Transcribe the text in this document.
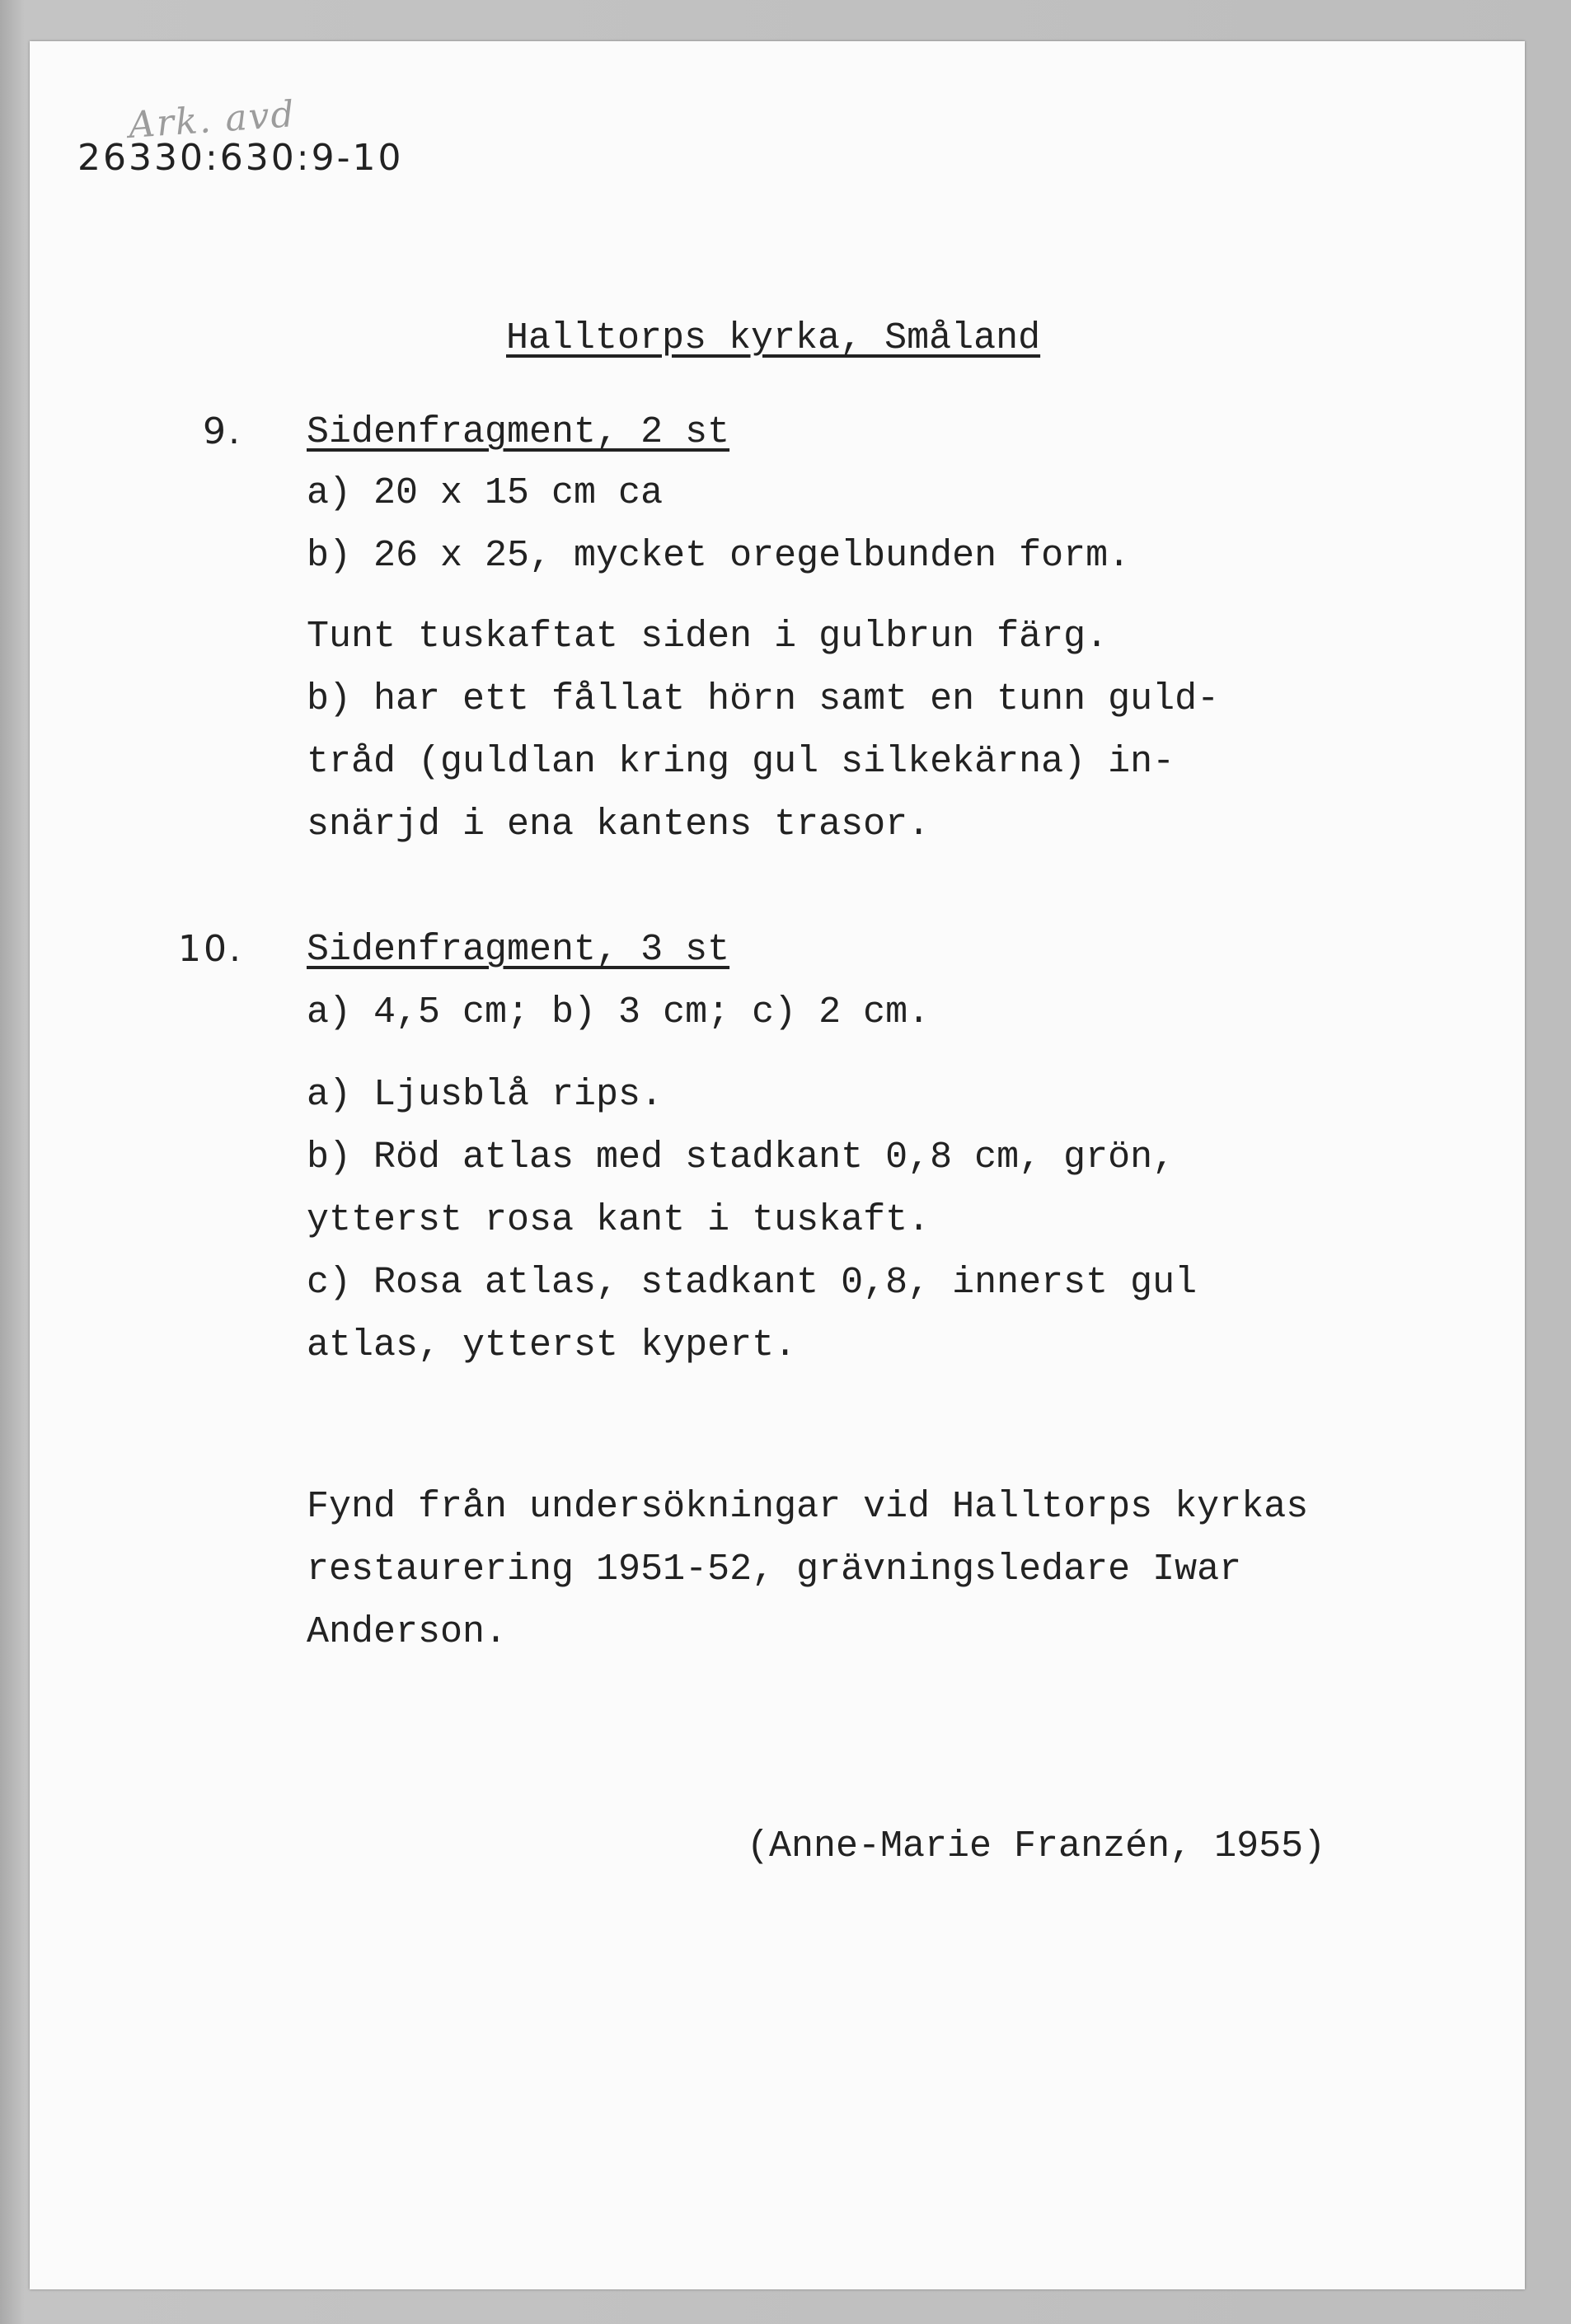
Ark. avd
26330:630:9-10
Halltorps kyrka, Småland
9. Sidenfragment, 2 st
a) 20 x 15 cm ca
b) 26 x 25, mycket oregelbunden form.
Tunt tuskaftat siden i gulbrun färg.
b) har ett fållat hörn samt en tunn guld-
tråd (guldlan kring gul silkekärna) in-
snärjd i ena kantens trasor.
10. Sidenfragment, 3 st
a) 4,5 cm; b) 3 cm; c) 2 cm.
a) Ljusblå rips.
b) Röd atlas med stadkant 0,8 cm, grön,
ytterst rosa kant i tuskaft.
c) Rosa atlas, stadkant 0,8, innerst gul
atlas, ytterst kypert.
Fynd från undersökningar vid Halltorps kyrkas
restaurering 1951-52, grävningsledare Iwar
Anderson.
(Anne-Marie Franzén, 1955)
